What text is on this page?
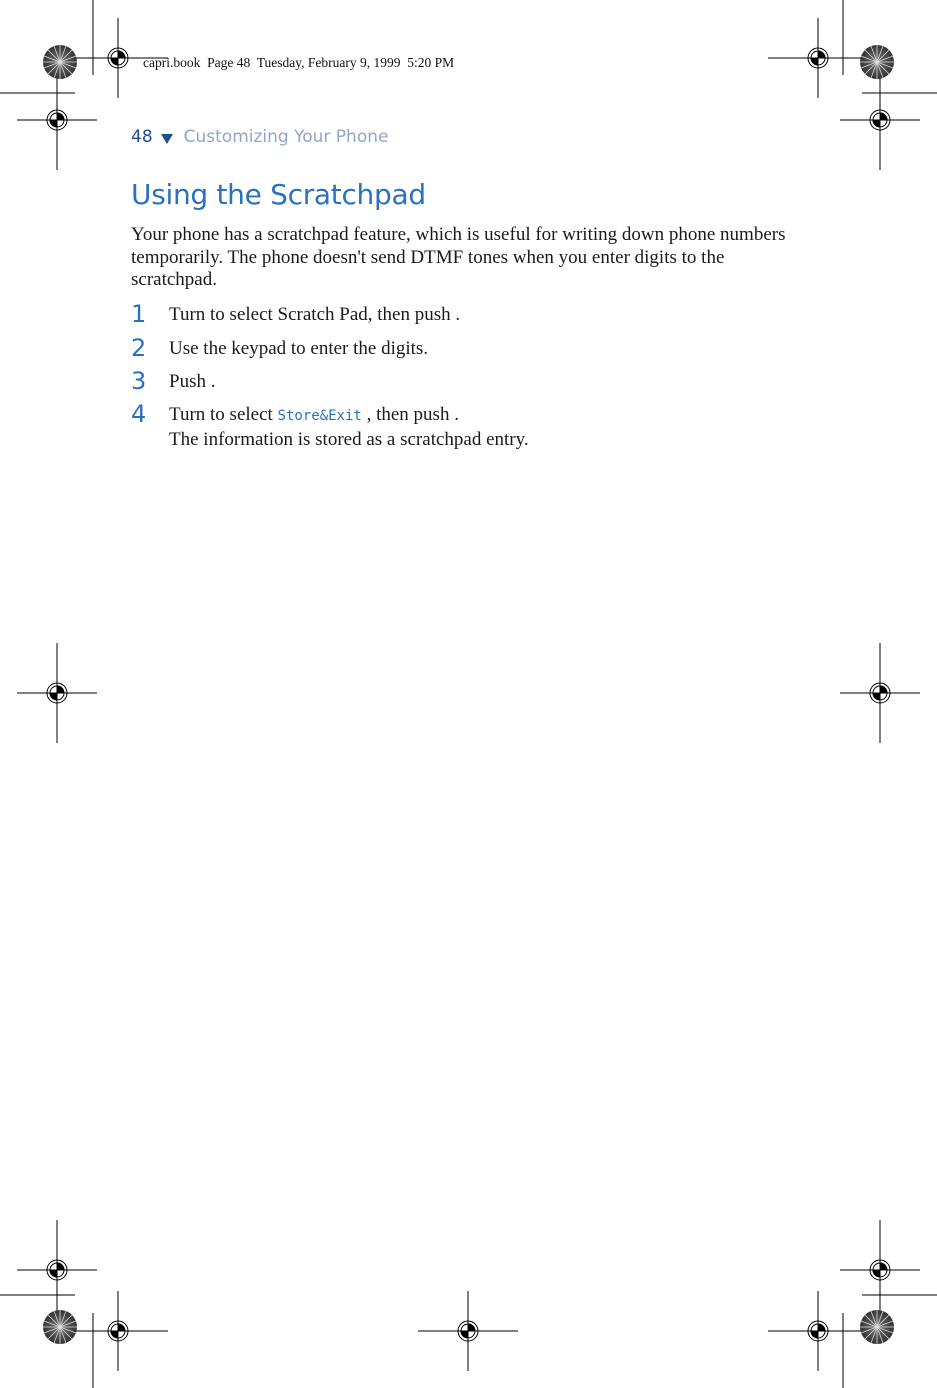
capri.book  Page 48  Tuesday, February 9, 1999  5:20 PM
48 Customizing Your Phone
Using the Scratchpad
Your phone has a scratchpad feature, which is useful for writing down phone numbers temporarily. The phone doesn't send DTMF tones when you enter digits to the scratchpad.
1	Turn to select Scratch Pad, then push .
2	Use the keypad to enter the digits.
3	Push .
4	Turn to select Store&Exit , then push .
The information is stored as a scratchpad entry.
